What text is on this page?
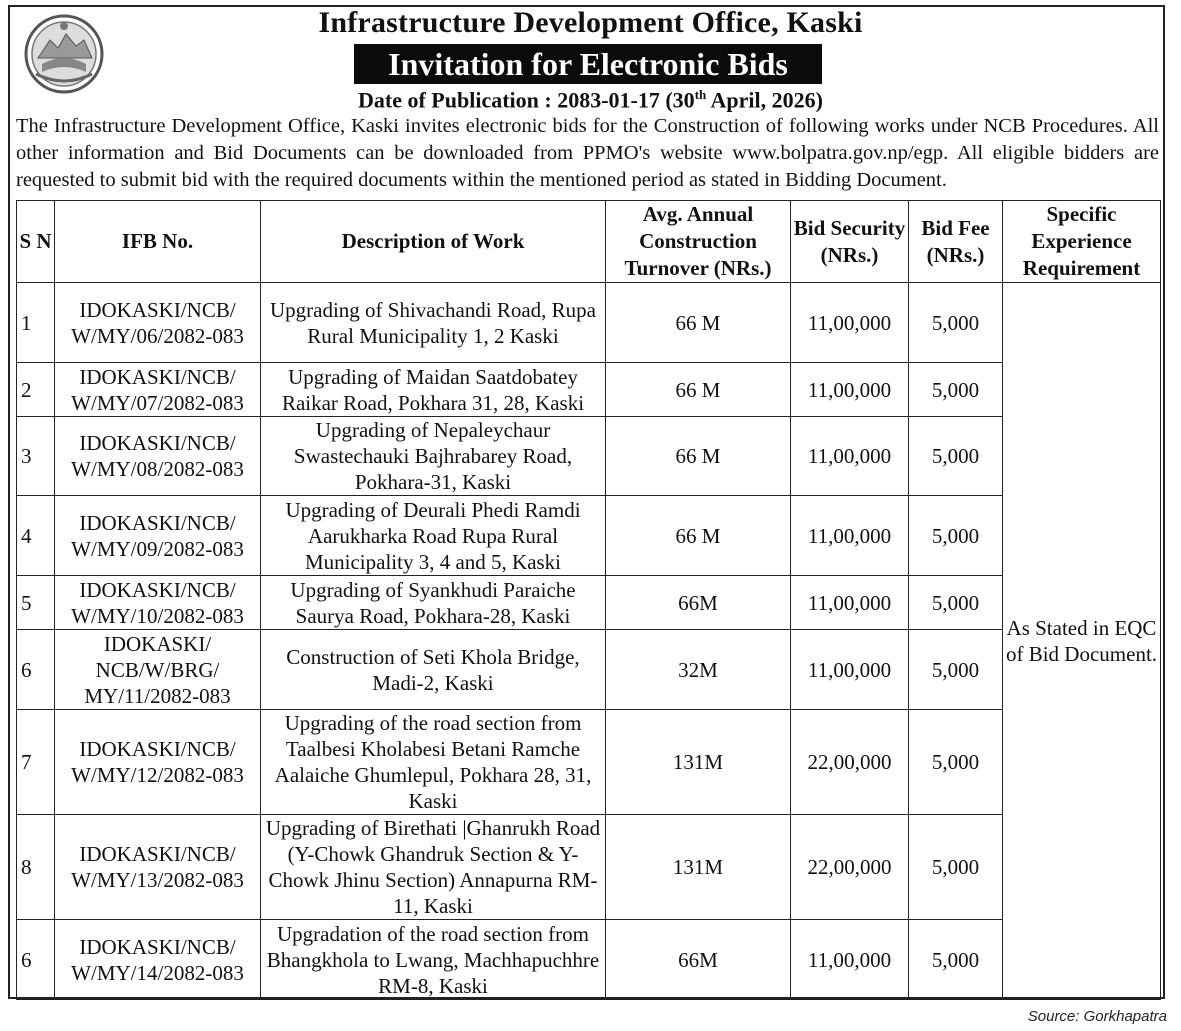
Infrastructure Development Office, Kaski
Invitation for Electronic Bids
Date of Publication : 2083-01-17 (30th April, 2026)
The Infrastructure Development Office, Kaski invites electronic bids for the Construction of following works under NCB Procedures. All other information and Bid Documents can be downloaded from PPMO's website www.bolpatra.gov.np/egp. All eligible bidders are requested to submit bid with the required documents within the mentioned period as stated in Bidding Document.
S N	IFB No.	Description of Work	Avg. Annual Construction Turnover (NRs.)	Bid Security (NRs.)	Bid Fee (NRs.)	Specific Experience Requirement
1	IDOKASKI/NCB/ W/MY/06/2082-083	Upgrading of Shivachandi Road, Rupa Rural Municipality 1, 2 Kaski	66 M	11,00,000	5,000	As Stated in EQC of Bid Document.
2	IDOKASKI/NCB/ W/MY/07/2082-083	Upgrading of Maidan Saatdobatey Raikar Road, Pokhara 31, 28, Kaski	66 M	11,00,000	5,000	
3	IDOKASKI/NCB/ W/MY/08/2082-083	Upgrading of Nepaleychaur Swastechauki Bajhrabarey Road, Pokhara-31, Kaski	66 M	11,00,000	5,000	
4	IDOKASKI/NCB/ W/MY/09/2082-083	Upgrading of Deurali Phedi Ramdi Aarukharka Road Rupa Rural Municipality 3, 4 and 5, Kaski	66 M	11,00,000	5,000	
5	IDOKASKI/NCB/ W/MY/10/2082-083	Upgrading of Syankhudi Paraiche Saurya Road, Pokhara-28, Kaski	66M	11,00,000	5,000	
6	IDOKASKI/ NCB/W/BRG/ MY/11/2082-083	Construction of Seti Khola Bridge, Madi-2, Kaski	32M	11,00,000	5,000	
7	IDOKASKI/NCB/ W/MY/12/2082-083	Upgrading of the road section from Taalbesi Kholabesi Betani Ramche Aalaiche Ghumlepul, Pokhara 28, 31, Kaski	131M	22,00,000	5,000	
8	IDOKASKI/NCB/ W/MY/13/2082-083	Upgrading of Birethati |Ghanrukh Road (Y-Chowk Ghandruk Section & Y- Chowk Jhinu Section) Annapurna RM-11, Kaski	131M	22,00,000	5,000	
6	IDOKASKI/NCB/ W/MY/14/2082-083	Upgradation of the road section from Bhangkhola to Lwang, Machhapuchhre RM-8, Kaski	66M	11,00,000	5,000	
Source: Gorkhapatra
